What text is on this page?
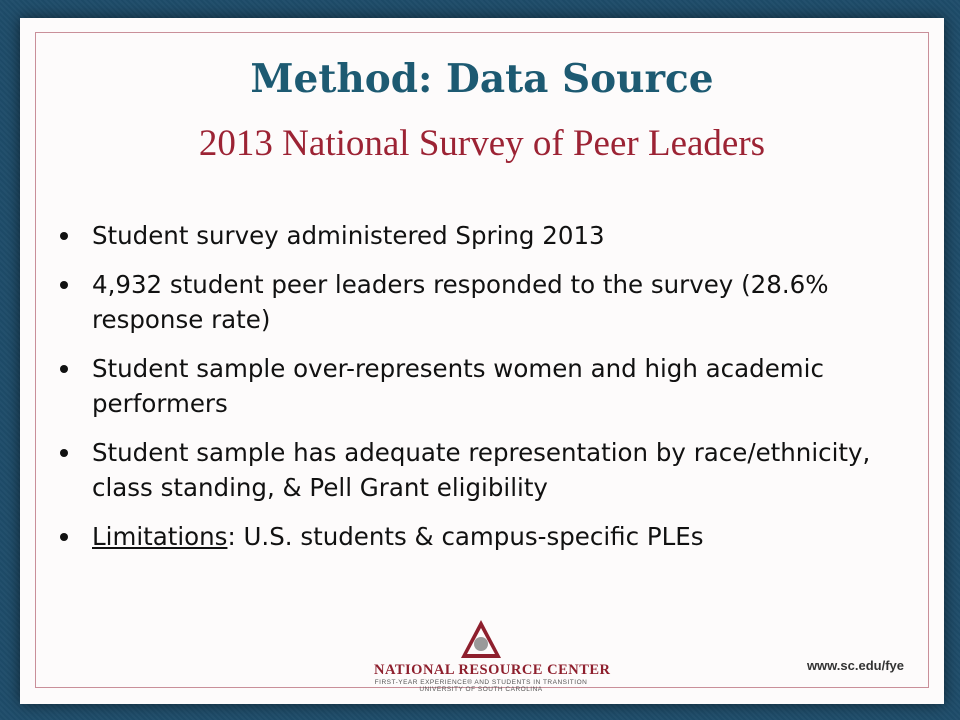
Method: Data Source
2013 National Survey of Peer Leaders
Student survey administered Spring 2013
4,932 student peer leaders responded to the survey (28.6% response rate)
Student sample over-represents women and high academic performers
Student sample has adequate representation by race/ethnicity, class standing, & Pell Grant eligibility
Limitations: U.S. students & campus-specific PLEs
NATIONAL RESOURCE CENTER
FIRST-YEAR EXPERIENCE® AND STUDENTS IN TRANSITION
UNIVERSITY OF SOUTH CAROLINA
www.sc.edu/fye
